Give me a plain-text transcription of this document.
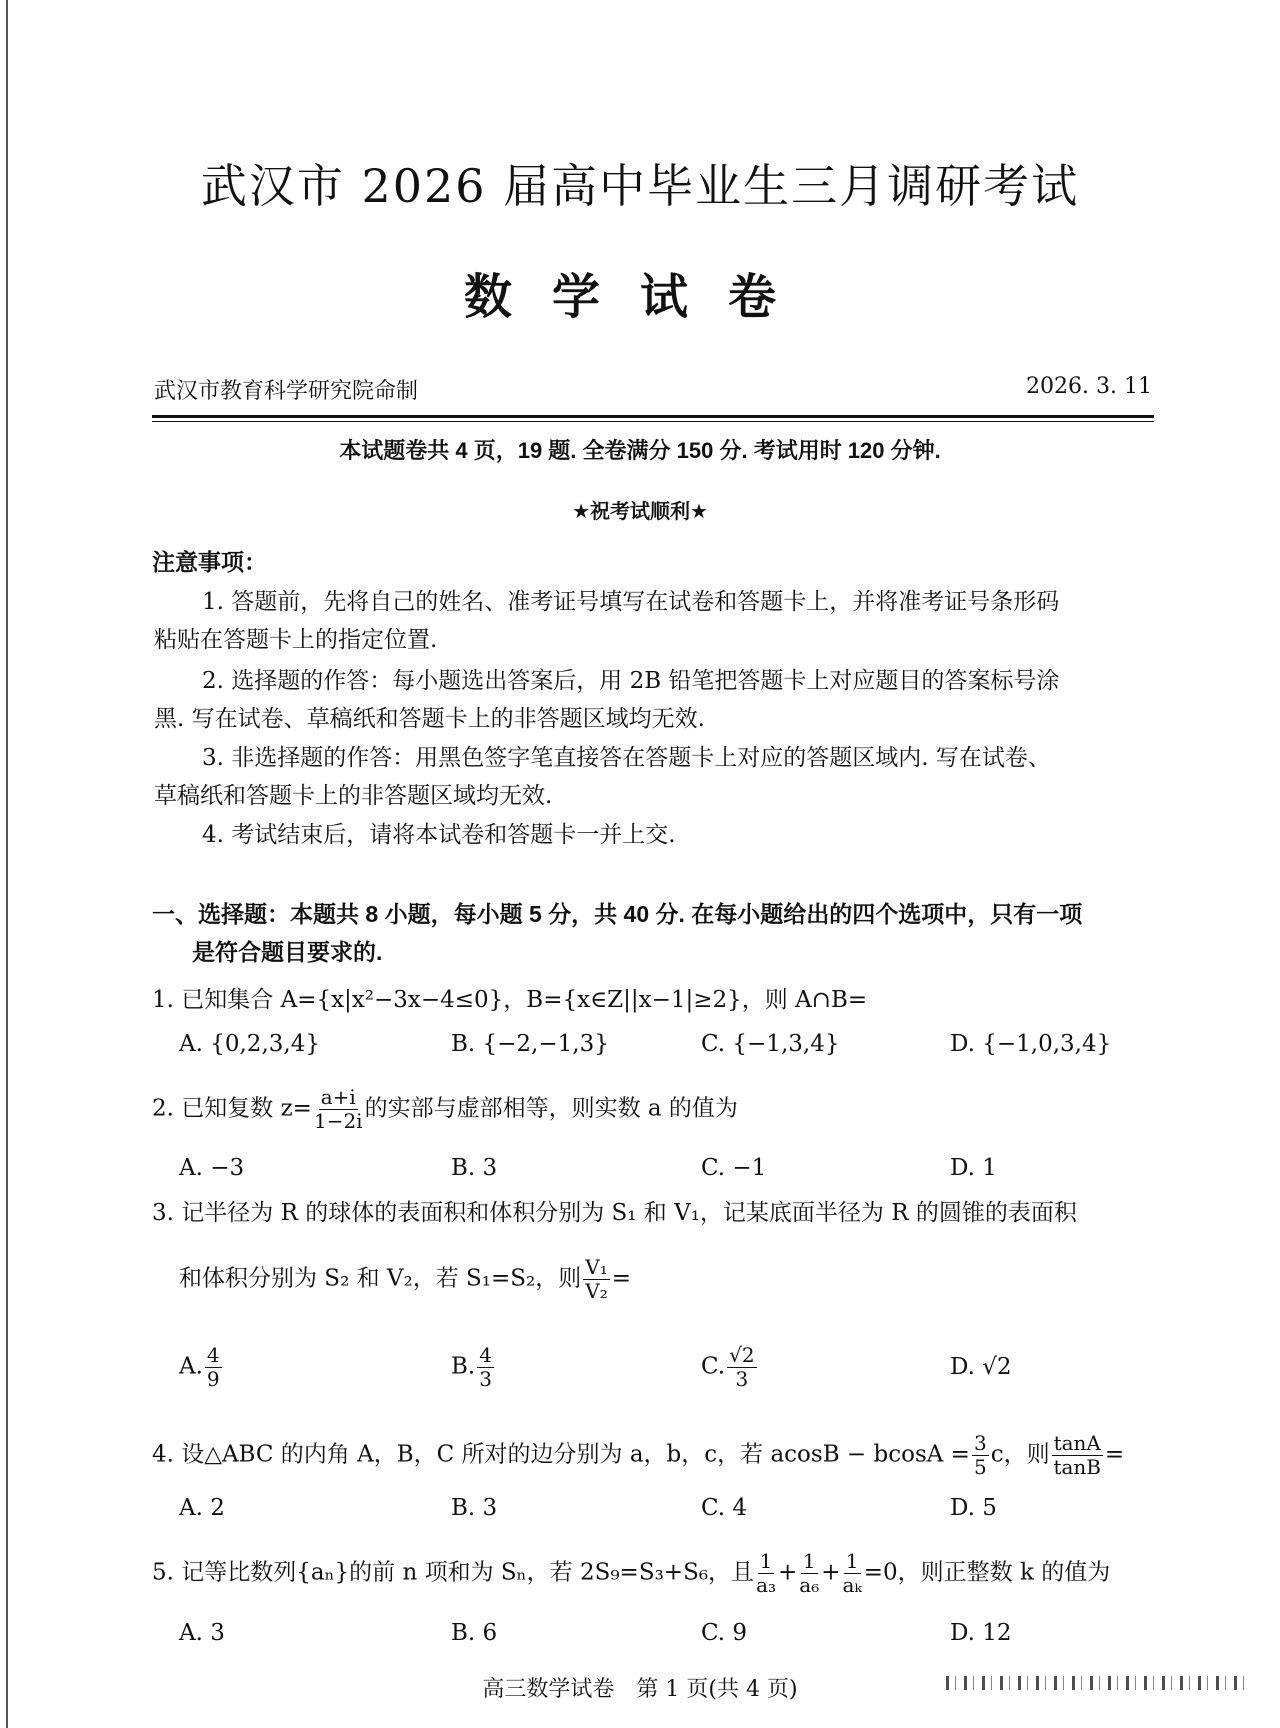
武汉市 2026 届高中毕业生三月调研考试
数学试卷
武汉市教育科学研究院命制	2026. 3. 11
本试题卷共 4 页，19 题. 全卷满分 150 分. 考试用时 120 分钟.
★祝考试顺利★
注意事项：
1. 答题前，先将自己的姓名、准考证号填写在试卷和答题卡上，并将准考证号条形码
粘贴在答题卡上的指定位置.
2. 选择题的作答：每小题选出答案后，用 2B 铅笔把答题卡上对应题目的答案标号涂
黑. 写在试卷、草稿纸和答题卡上的非答题区域均无效.
3. 非选择题的作答：用黑色签字笔直接答在答题卡上对应的答题区域内. 写在试卷、
草稿纸和答题卡上的非答题区域均无效.
4. 考试结束后，请将本试卷和答题卡一并上交.
一、选择题：本题共 8 小题，每小题 5 分，共 40 分. 在每小题给出的四个选项中，只有一项
是符合题目要求的.
1. 已知集合 A={x|x²−3x−4≤0}，B={x∈Z||x−1|≥2}，则 A∩B=
A. {0,2,3,4}	B. {−2,−1,3}	C. {−1,3,4}	D. {−1,0,3,4}
2. 已知复数 $z= \frac{a+i}{1-2i}$ 的实部与虚部相等，则实数 a 的值为
A. −3	B. 3	C. −1	D. 1
3. 记半径为 R 的球体的表面积和体积分别为 S₁ 和 V₁，记某底面半径为 R 的圆锥的表面积
和体积分别为 S₂ 和 V₂，若 S₁=S₂，则 $\frac{\text{V₁}}{\text{V₂}}$ =
A. $\frac{4}{9}$	B. $\frac{4}{3}$	C. $\frac{√2}{3}$	D. √2
4. 设△ABC 的内角 A，B，C 所对的边分别为 a，b，c，若 $acosB - bcosA = \frac{3}{5}$ c，则 $\frac{\tan A}{\tan B}$ =
A. 2	B. 3	C. 4	D. 5
5. 记等比数列{aₙ}的前 n 项和为 Sₙ，若 2S₉=S₃+S₆，且 $\frac{1}{\text{a₃}} + \frac{1}{\text{a₆}} + \frac{1}{\text{aₖ}} =0$，则正整数 k 的值为
A. 3	B. 6	C. 9	D. 12
高三数学试卷　第 1 页(共 4 页)
